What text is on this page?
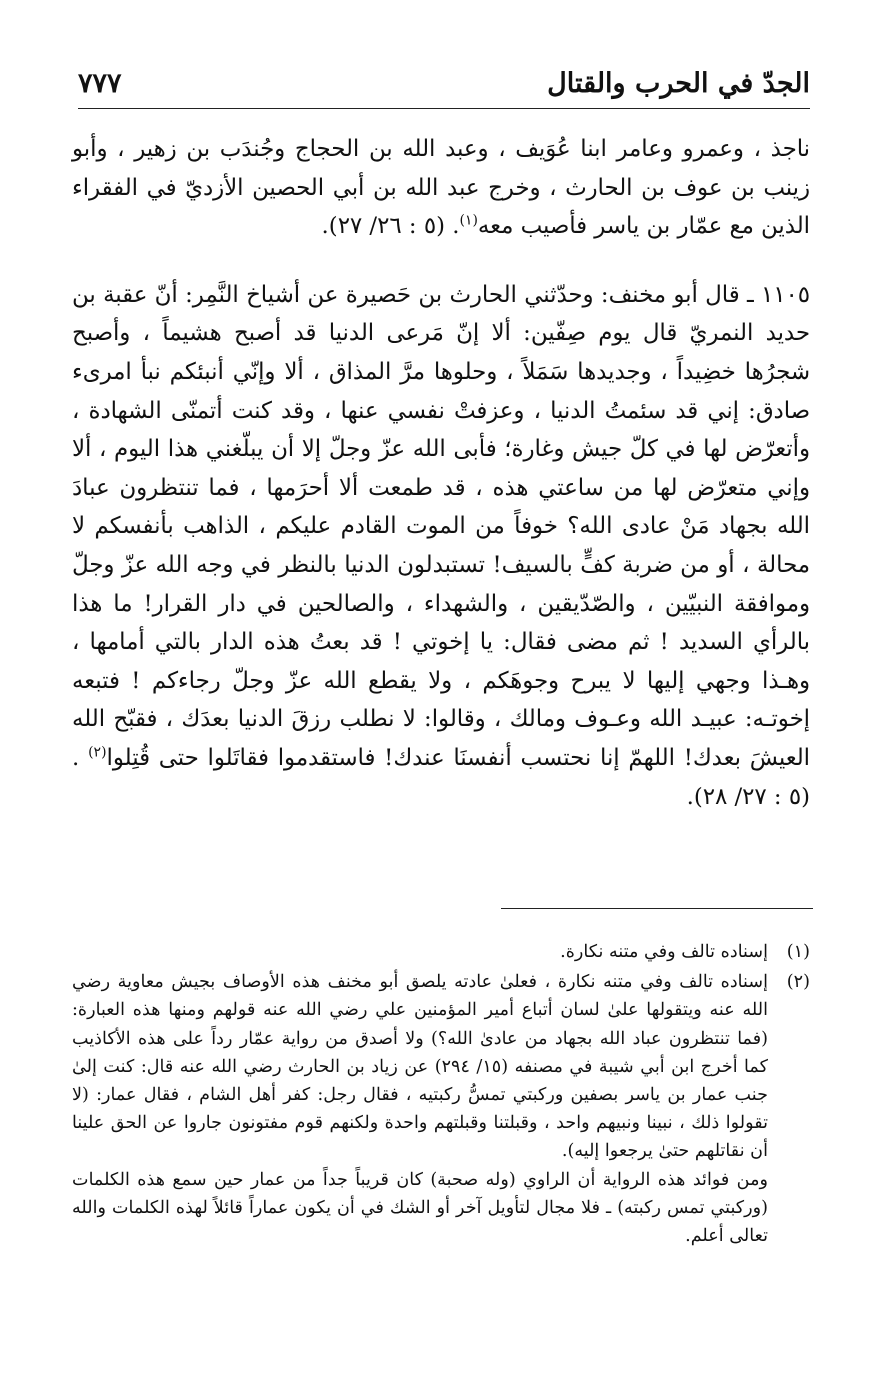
الجدّ في الحرب والقتال
٧٧٧

ناجذ ، وعمرو وعامر ابنا عُوَيف ، وعبد الله بن الحجاج وجُندَب بن زهير ، وأبو زينب بن عوف بن الحارث ، وخرج عبد الله بن أبي الحصين الأزديّ في الفقراء الذين مع عمّار بن ياسر فأصيب معه$^{(١)}$. (٥ : ٢٦/ ٢٧).

١١٠٥ ـ قال أبو مخنف: وحدّثني الحارث بن حَصيرة عن أشياخ النَّمِر: أنّ عقبة بن حديد النمريّ قال يوم صِفّين: ألا إنّ مَرعى الدنيا قد أصبح هشيماً ، وأصبح شجرُها خضِيداً ، وجديدها سَمَلاً ، وحلوها مرَّ المذاق ، ألا وإنّي أنبئكم نبأ امرىء صادق: إني قد سئمتُ الدنيا ، وعزفتْ نفسي عنها ، وقد كنت أتمنّى الشهادة ، وأتعرّض لها في كلّ جيش وغارة؛ فأبى الله عزّ وجلّ إلا أن يبلّغني هذا اليوم ، ألا وإني متعرّض لها من ساعتي هذه ، قد طمعت ألا أحرَمها ، فما تنتظرون عبادَ الله بجهاد مَنْ عادى الله؟ خوفاً من الموت القادم عليكم ، الذاهب بأنفسكم لا محالة ، أو من ضربة كفٍّ بالسيف! تستبدلون الدنيا بالنظر في وجه الله عزّ وجلّ وموافقة النبيّين ، والصّدّيقين ، والشهداء ، والصالحين في دار القرار! ما هذا بالرأي السديد ! ثم مضى فقال: يا إخوتي ! قد بعتُ هذه الدار بالتي أمامها ، وهـذا وجهي إليها لا يبرح وجوهَكم ، ولا يقطع الله عزّ وجلّ رجاءكم ! فتبعه إخوتـه: عبيـد الله وعـوف ومالك ، وقالوا: لا نطلب رزقَ الدنيا بعدَك ، فقبّح الله العيشَ بعدك! اللهمّ إنا نحتسب أنفسنَا عندك! فاستقدموا فقاتَلوا حتى قُتِلوا$^{(٢)}$ . (٥ : ٢٧/ ٢٨).

(١)

إسناده تالف وفي متنه نكارة.

(٢)

إسناده تالف وفي متنه نكارة ، فعلىٰ عادته يلصق أبو مخنف هذه الأوصاف بجيش معاوية رضي الله عنه ويتقولها علىٰ لسان أتباع أمير المؤمنين علي رضي الله عنه قولهم ومنها هذه العبارة: (فما تنتظرون عباد الله بجهاد من عادىٰ الله؟) ولا أصدق من رواية عمّار رداً على هذه الأكاذيب كما أخرج ابن أبي شيبة في مصنفه (١٥/ ٢٩٤) عن زياد بن الحارث رضي الله عنه قال: كنت إلىٰ جنب عمار بن ياسر بصفين وركبتي تمسُّ ركبتيه ، فقال رجل: كفر أهل الشام ، فقال عمار: (لا تقولوا ذلك ، نبينا ونبيهم واحد ، وقبلتنا وقبلتهم واحدة ولكنهم قوم مفتونون جاروا عن الحق علينا أن نقاتلهم حتىٰ يرجعوا إليه).

ومن فوائد هذه الرواية أن الراوي (وله صحبة) كان قريباً جداً من عمار حين سمع هذه الكلمات (وركبتي تمس ركبته) ـ فلا مجال لتأويل آخر أو الشك في أن يكون عماراً قائلاً لهذه الكلمات والله تعالى أعلم.
